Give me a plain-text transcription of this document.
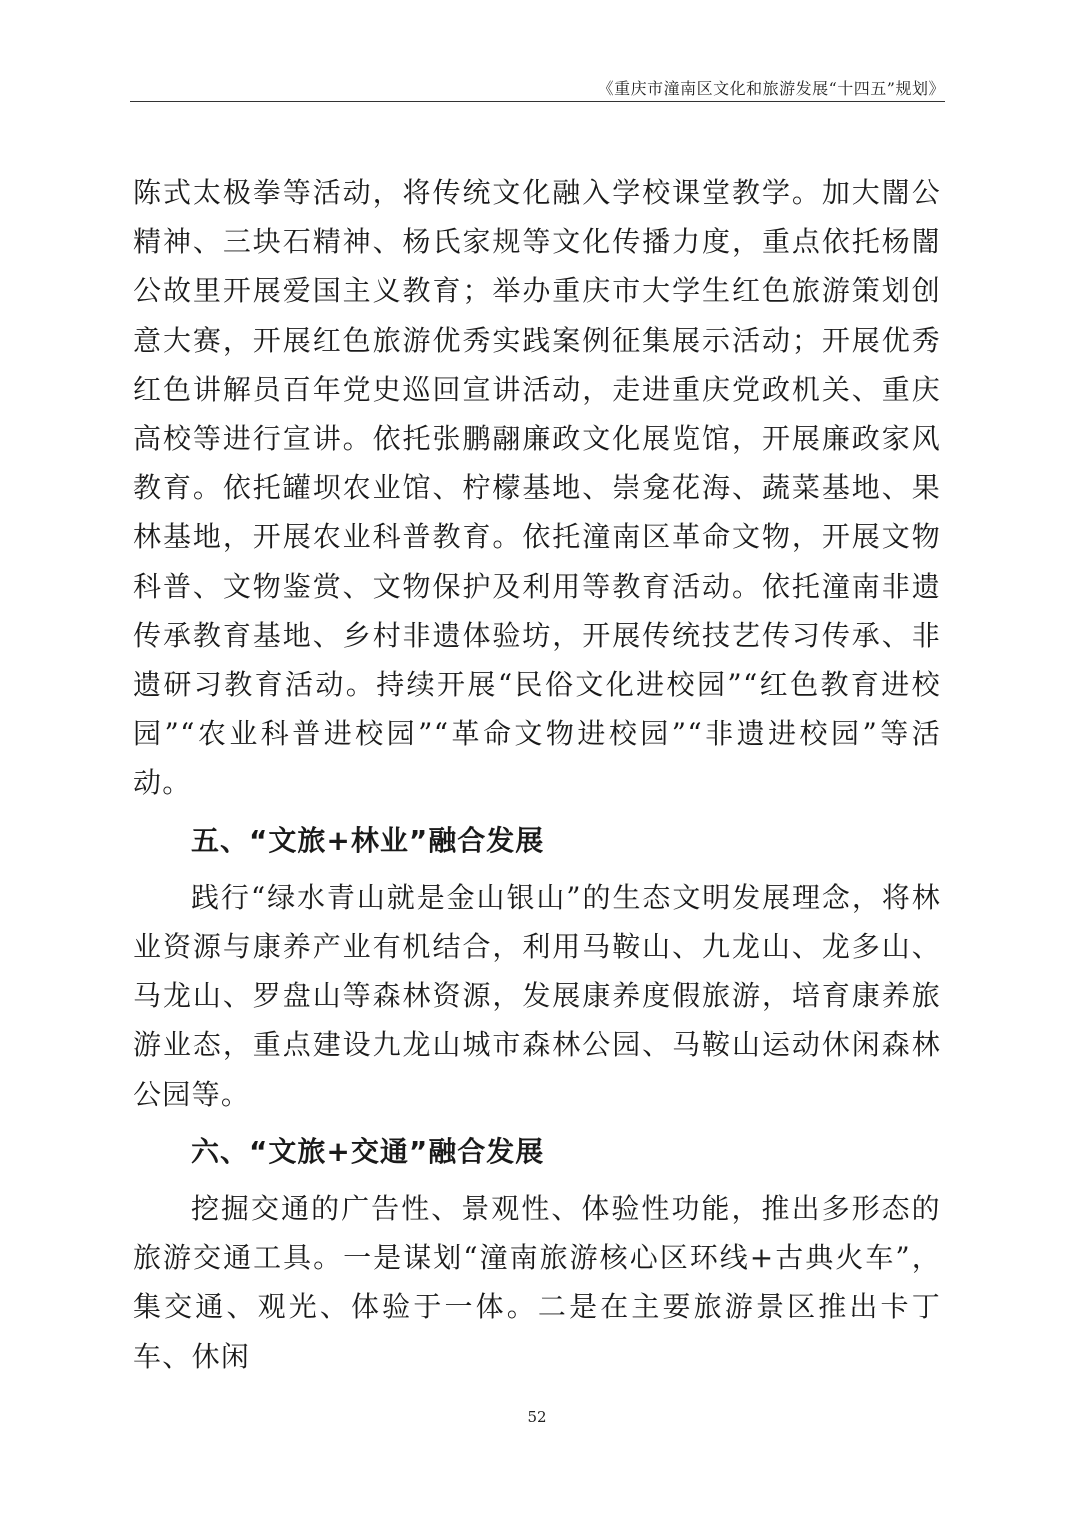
《重庆市潼南区文化和旅游发展“十四五”规划》

陈式太极拳等活动，将传统文化融入学校课堂教学。加大闇公精神、三块石精神、杨氏家规等文化传播力度，重点依托杨闇公故里开展爱国主义教育；举办重庆市大学生红色旅游策划创意大赛，开展红色旅游优秀实践案例征集展示活动；开展优秀红色讲解员百年党史巡回宣讲活动，走进重庆党政机关、重庆高校等进行宣讲。依托张鹏翮廉政文化展览馆，开展廉政家风教育。依托罐坝农业馆、柠檬基地、崇龛花海、蔬菜基地、果林基地，开展农业科普教育。依托潼南区革命文物，开展文物科普、文物鉴赏、文物保护及利用等教育活动。依托潼南非遗传承教育基地、乡村非遗体验坊，开展传统技艺传习传承、非遗研习教育活动。持续开展“民俗文化进校园”“红色教育进校园”“农业科普进校园”“革命文物进校园”“非遗进校园”等活动。

五、“文旅+林业”融合发展

践行“绿水青山就是金山银山”的生态文明发展理念，将林业资源与康养产业有机结合，利用马鞍山、九龙山、龙多山、马龙山、罗盘山等森林资源，发展康养度假旅游，培育康养旅游业态，重点建设九龙山城市森林公园、马鞍山运动休闲森林公园等。

六、“文旅+交通”融合发展

挖掘交通的广告性、景观性、体验性功能，推出多形态的旅游交通工具。一是谋划“潼南旅游核心区环线+古典火车”，集交通、观光、体验于一体。二是在主要旅游景区推出卡丁车、休闲

52
